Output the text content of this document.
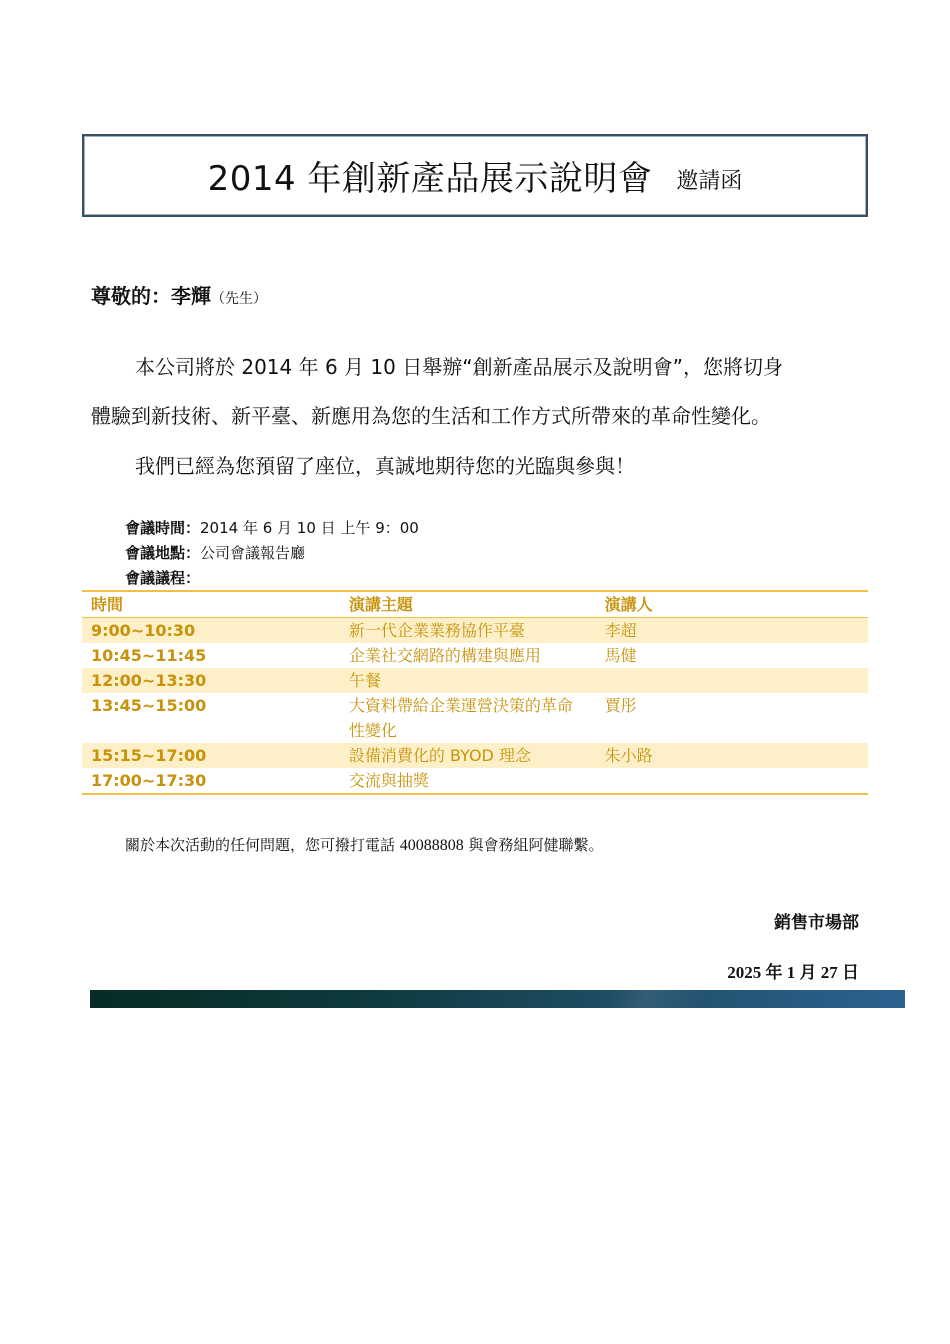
2014 年創新產品展示說明會 邀請函
尊敬的：李輝（先生）
本公司將於 2014 年 6 月 10 日舉辦“創新產品展示及說明會”，您將切身
體驗到新技術、新平臺、新應用為您的生活和工作方式所帶來的革命性變化。
我們已經為您預留了座位，真誠地期待您的光臨與參與！
會議時間：2014 年 6 月 10 日 上午 9：00
會議地點：公司會議報告廳
會議議程：
時間	演講主題	演講人
9:00~10:30	新一代企業業務協作平臺	李超
10:45~11:45	企業社交網路的構建與應用	馬健
12:00~13:30	午餐	
13:45~15:00	大資料帶給企業運營決策的革命性變化	賈彤
15:15~17:00	設備消費化的 BYOD 理念	朱小路
17:00~17:30	交流與抽獎	
關於本次活動的任何問題，您可撥打電話 40088808 與會務組阿健聯繫。
銷售市場部
2025 年 1 月 27 日
